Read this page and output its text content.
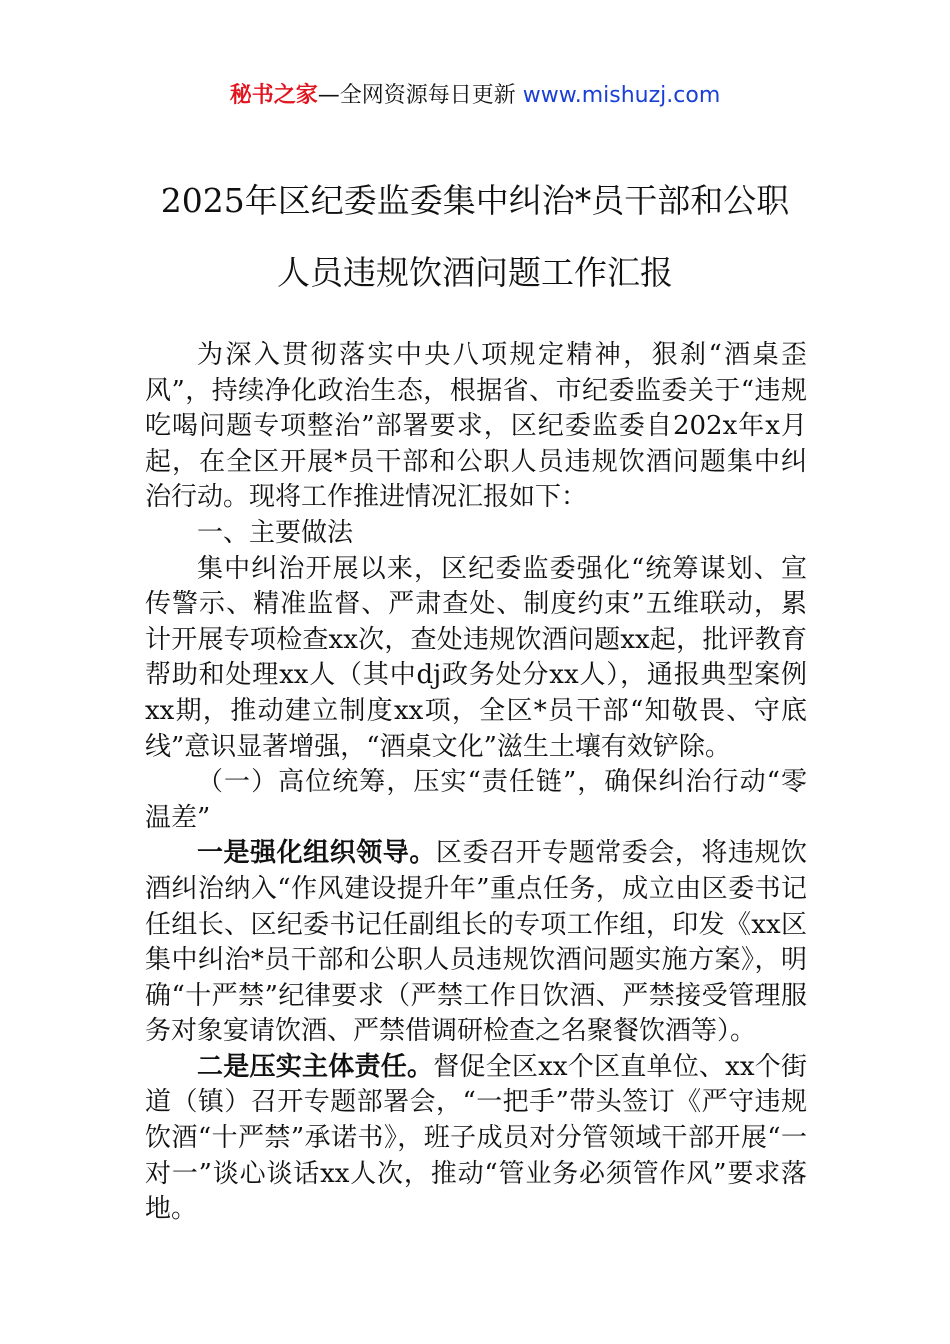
秘书之家—全网资源每日更新 www.mishuzj.com
2025年区纪委监委集中纠治*员干部和公职
人员违规饮酒问题工作汇报

为深入贯彻落实中央八项规定精神，狠刹“酒桌歪风”，持续净化政治生态，根据省、市纪委监委关于“违规吃喝问题专项整治”部署要求，区纪委监委自202x年x月起，在全区开展*员干部和公职人员违规饮酒问题集中纠治行动。现将工作推进情况汇报如下：

一、主要做法

集中纠治开展以来，区纪委监委强化“统筹谋划、宣传警示、精准监督、严肃查处、制度约束”五维联动，累计开展专项检查xx次，查处违规饮酒问题xx起，批评教育帮助和处理xx人（其中dj政务处分xx人），通报典型案例xx期，推动建立制度xx项，全区*员干部“知敬畏、守底线”意识显著增强，“酒桌文化”滋生土壤有效铲除。

（一）高位统筹，压实“责任链”，确保纠治行动“零温差”

一是强化组织领导。区委召开专题常委会，将违规饮酒纠治纳入“作风建设提升年”重点任务，成立由区委书记任组长、区纪委书记任副组长的专项工作组，印发《xx区集中纠治*员干部和公职人员违规饮酒问题实施方案》，明确“十严禁”纪律要求（严禁工作日饮酒、严禁接受管理服务对象宴请饮酒、严禁借调研检查之名聚餐饮酒等）。

二是压实主体责任。督促全区xx个区直单位、xx个街道（镇）召开专题部署会，“一把手”带头签订《严守违规饮酒“十严禁”承诺书》，班子成员对分管领域干部开展“一对一”谈心谈话xx人次，推动“管业务必须管作风”要求落地。
